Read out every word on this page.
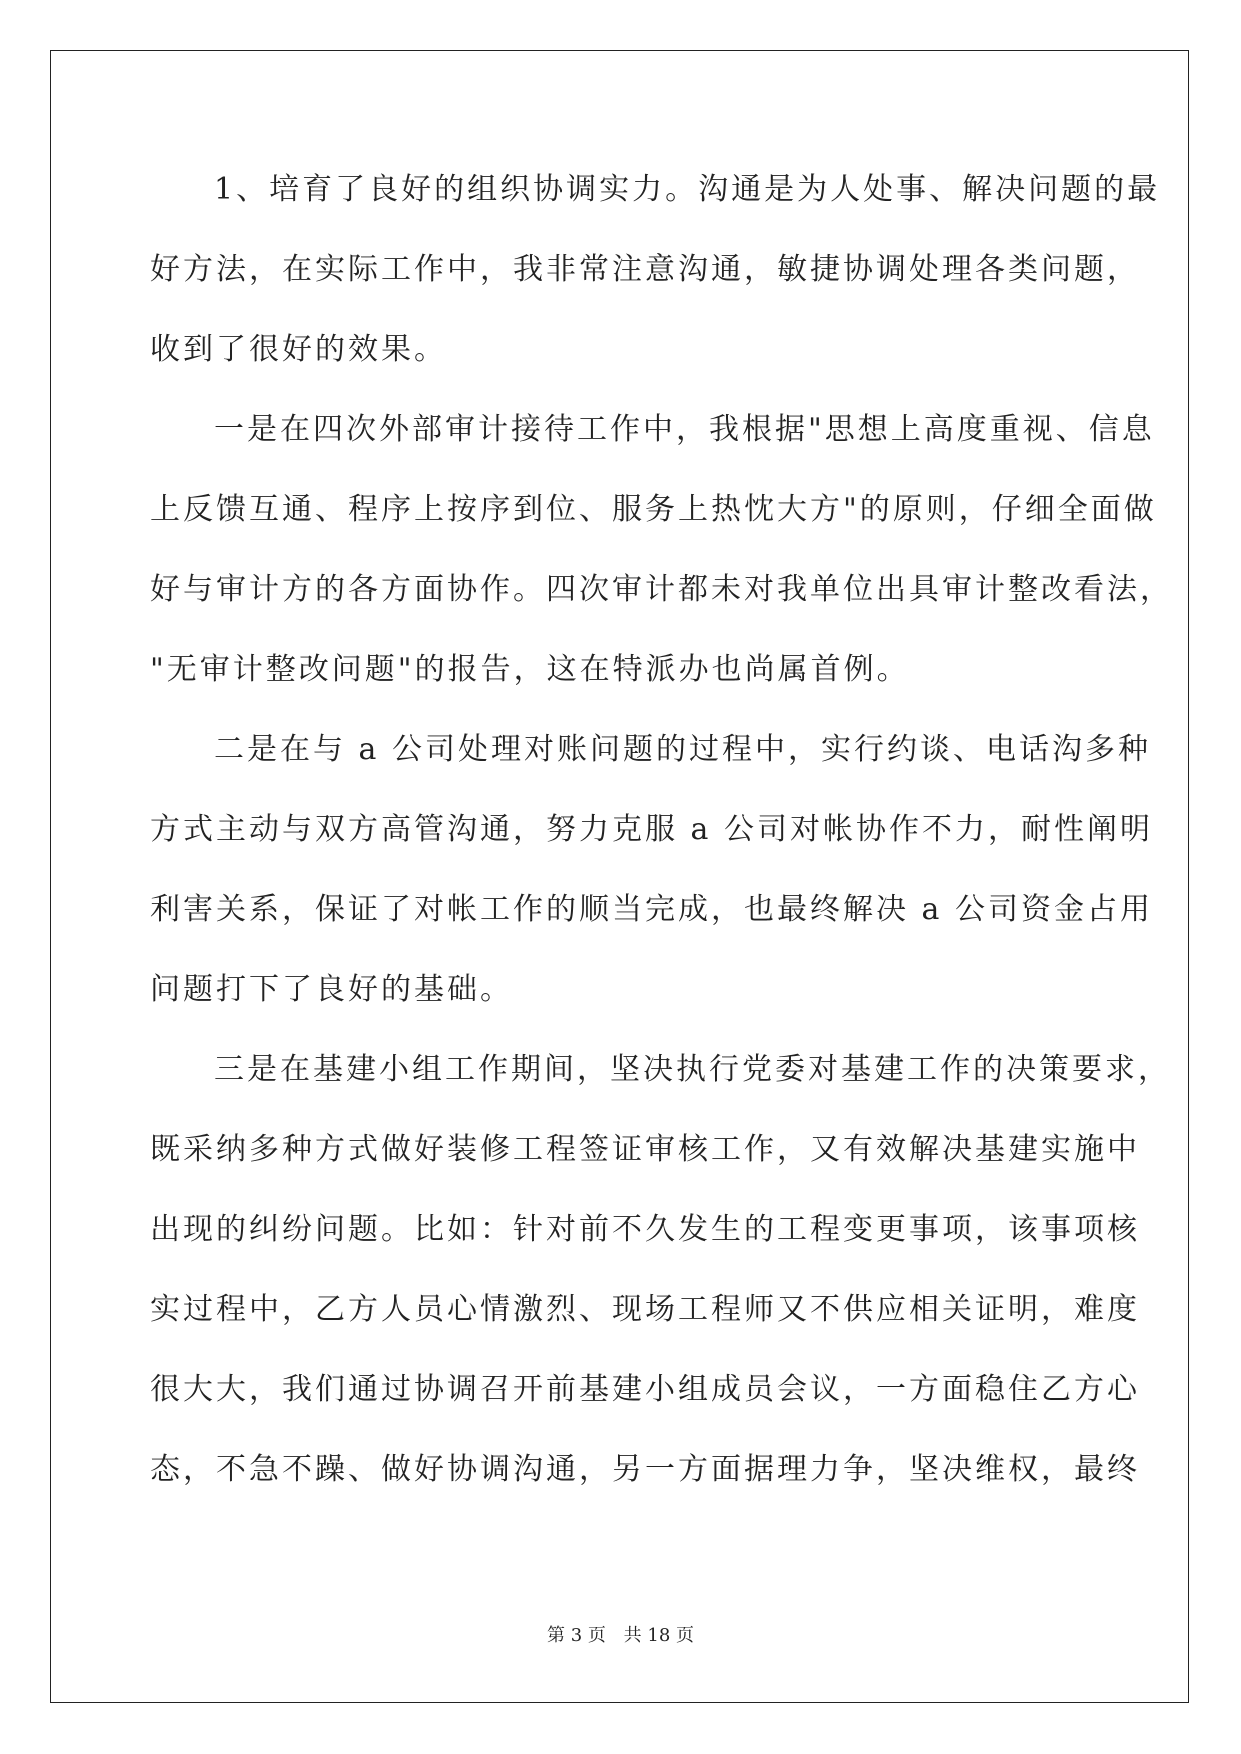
1、培育了良好的组织协调实力。沟通是为人处事、解决问题的最
好方法，在实际工作中，我非常注意沟通，敏捷协调处理各类问题，
收到了很好的效果。
一是在四次外部审计接待工作中，我根据"思想上高度重视、信息
上反馈互通、程序上按序到位、服务上热忱大方"的原则，仔细全面做
好与审计方的各方面协作。四次审计都未对我单位出具审计整改看法，
"无审计整改问题"的报告，这在特派办也尚属首例。
二是在与 a 公司处理对账问题的过程中，实行约谈、电话沟多种
方式主动与双方高管沟通，努力克服 a 公司对帐协作不力，耐性阐明
利害关系，保证了对帐工作的顺当完成，也最终解决 a 公司资金占用
问题打下了良好的基础。
三是在基建小组工作期间，坚决执行党委对基建工作的决策要求，
既采纳多种方式做好装修工程签证审核工作，又有效解决基建实施中
出现的纠纷问题。比如：针对前不久发生的工程变更事项，该事项核
实过程中，乙方人员心情激烈、现场工程师又不供应相关证明，难度
很大大，我们通过协调召开前基建小组成员会议，一方面稳住乙方心
态，不急不躁、做好协调沟通，另一方面据理力争，坚决维权，最终
第 3 页 共 18 页
